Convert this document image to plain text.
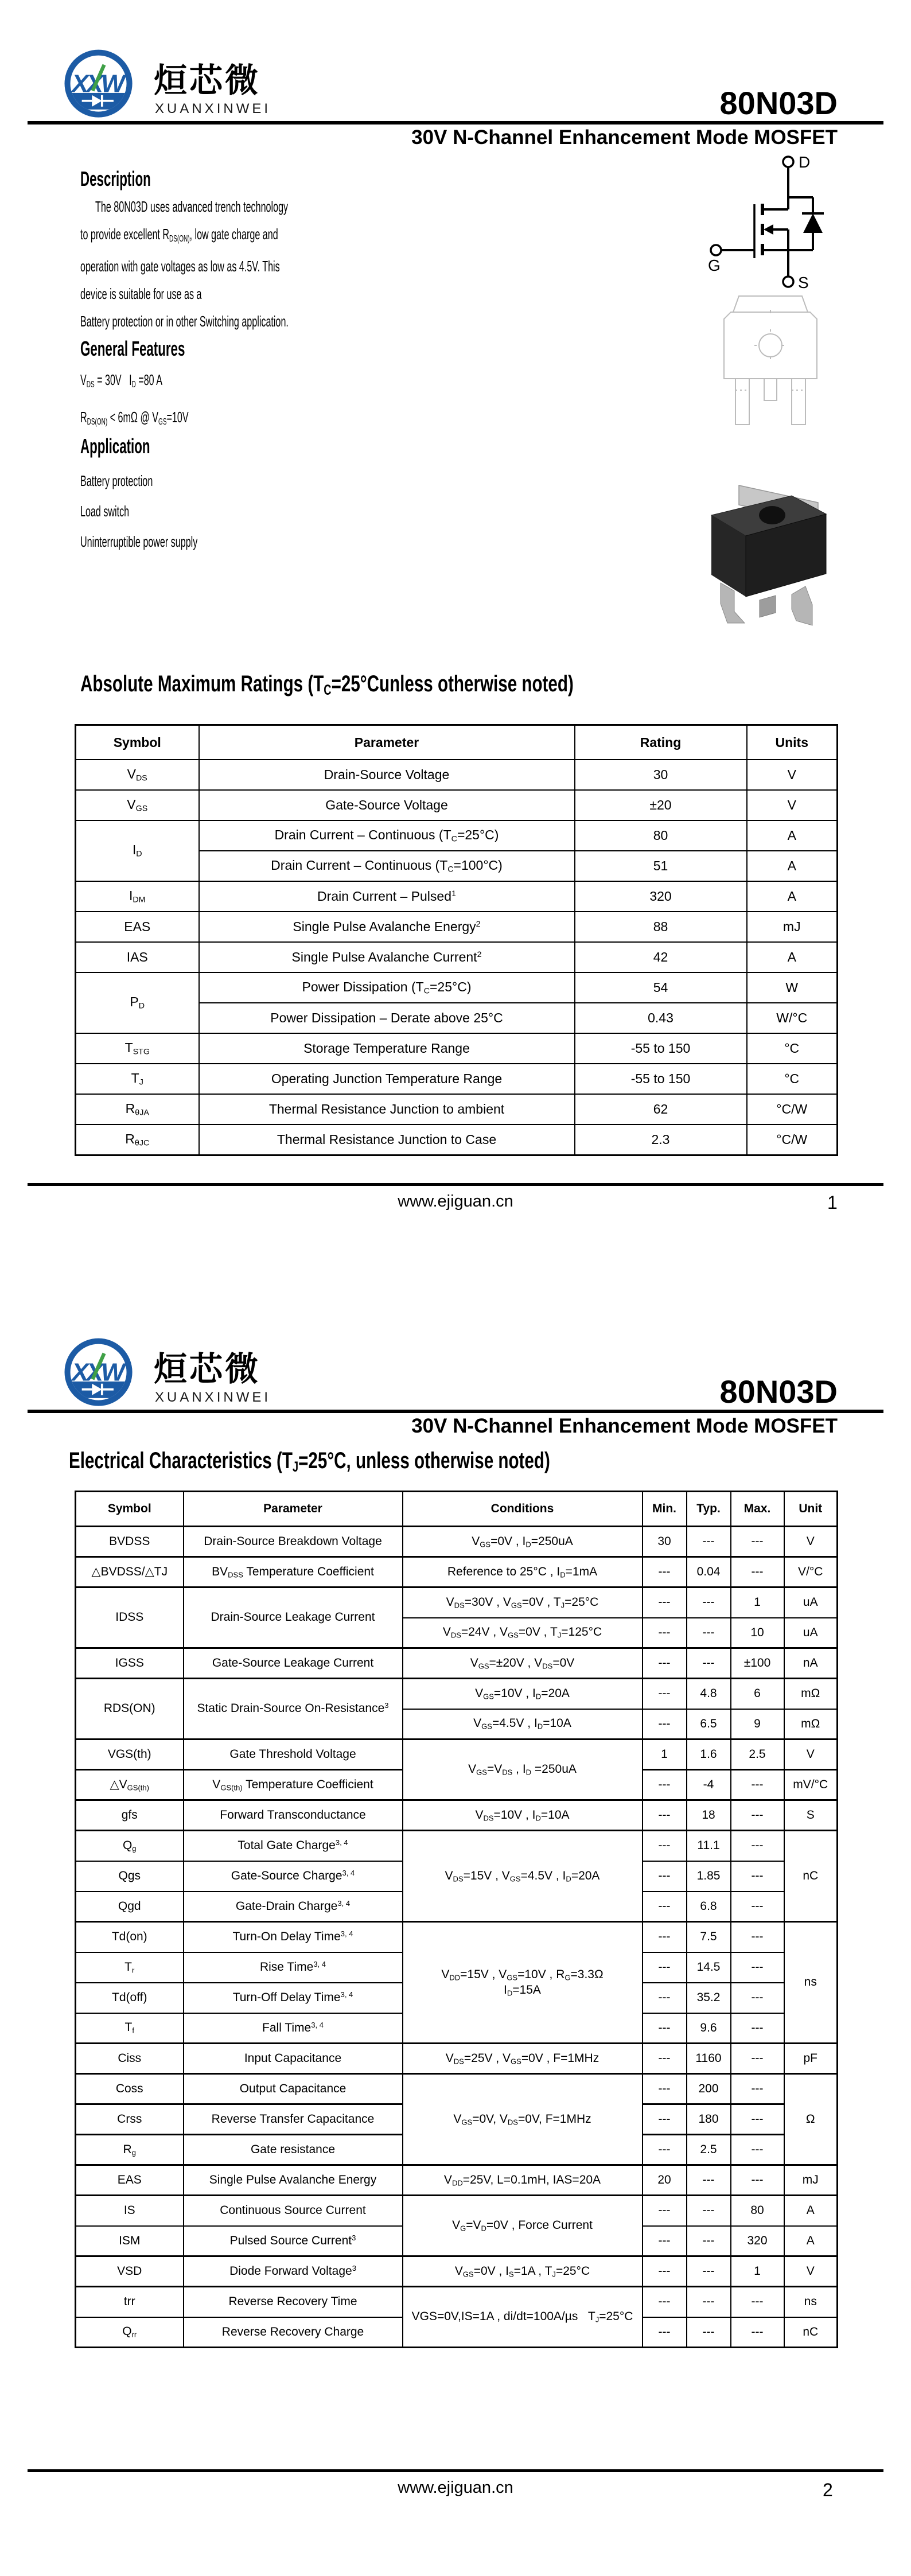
XXW 烜芯微
XUANXINWEI	80N03D
30V N-Channel Enhancement Mode MOSFET
D
S
G
Description
The 80N03D uses advanced trench technology
to provide excellent $R_{DS(ON)}$, low gate charge and
operation with gate voltages as low as 4.5V. This
device is suitable for use as a
Battery protection or in other Switching application.
General Features
$V_{DS} = 30V$   $I_D =80$ A
$R_{DS(ON)} < 6m\Omega$ @ $V_{GS}=10V$
Application
Battery protection
Load switch
Uninterruptible power supply
Absolute Maximum Ratings ($T_C=25^\circ Cunless$ otherwise noted)
Symbol	Parameter	Rating	Units
$V_{DS}$	Drain-Source Voltage	30	V
$V_{GS}$	Gate-Source Voltage	±20	V
$I_D$	Drain Current – Continuous $(T_C=25^\circ C)$	80	A
	Drain Current – Continuous $(T_C=100^\circ C)$	51	A
$I_{DM}$	Drain Current – Pulsed$^1$	320	A
EAS	Single Pulse Avalanche Energy$^2$	88	mJ
IAS	Single Pulse Avalanche Current$^2$	42	A
$P_D$	Power Dissipation $(T_C=25^\circ C)$	54	W
	Power Dissipation – Derate above 25°C	0.43	W/°C
$T_{STG}$	Storage Temperature Range	-55 to 150	°C
$T_J$	Operating Junction Temperature Range	-55 to 150	°C
$R_{\theta JA}$	Thermal Resistance Junction to ambient	62	°C/W
$R_{\theta JC}$	Thermal Resistance Junction to Case	2.3	°C/W
www.ejiguan.cn	1
XXW 烜芯微
XUANXINWEI	80N03D
30V N-Channel Enhancement Mode MOSFET
Electrical Characteristics ($T_J=25^\circ C$, unless otherwise noted)
Symbol	Parameter	Conditions	Min.	Typ.	Max.	Unit
BVDSS	Drain-Source Breakdown Voltage	$V_{GS}=0V$ , $I_D=250uA$	30	---	---	V
△BVDSS/△TJ	$BV_{DSS}$ Temperature Coefficient	Reference to 25°C , $I_D=1mA$	---	0.04	---	V/°C
IDSS	Drain-Source Leakage Current	$V_{DS}=30V$ , $V_{GS}=0V$ , $T_J=25^\circ C$	---	---	1	uA
		$V_{DS}=24V$ , $V_{GS}=0V$ , $T_J=125^\circ C$	---	---	10	uA
IGSS	Gate-Source Leakage Current	$V_{GS}=\pm 20V$ , $V_{DS}=0V$	---	---	±100	nA
RDS(ON)	Static Drain-Source On-Resistance$^3$	$V_{GS}=10V$ , $I_D=20A$	---	4.8	6	mΩ
		$V_{GS}=4.5V$ , $I_D=10A$	---	6.5	9	mΩ
VGS(th)	Gate Threshold Voltage	$V_{GS}=V_{DS}$ , $I_D =250uA$	1	1.6	2.5	V
$\triangle V_{GS(th)}$	$V_{GS(th)}$ Temperature Coefficient		---	-4	---	mV/°C
gfs	Forward Transconductance	$V_{DS}=10V$ , $I_D=10A$	---	18	---	S
$Q_g$	Total Gate Charge$^{3, 4}$	$V_{DS}=15V$ , $V_{GS}=4.5V$ , $I_D=20A$	---	11.1	---	nC
Qgs	Gate-Source Charge$^{3, 4}$		---	1.85	---	
Qgd	Gate-Drain Charge$^{3, 4}$		---	6.8	---	
Td(on)	Turn-On Delay Time$^{3, 4}$	$V_{DD}=15V$ , $V_{GS}=10V$ , $R_G=3.3\Omega$
$I_D=15A$	---	7.5	---	ns
$T_r$	Rise Time$^{3, 4}$		---	14.5	---	
Td(off)	Turn-Off Delay Time$^{3, 4}$		---	35.2	---	
$T_f$	Fall Time$^{3, 4}$		---	9.6	---	
Ciss	Input Capacitance	$V_{DS}=25V$ , $V_{GS}=0V$ , F=1MHz	---	1160	---	pF
Coss	Output Capacitance	$V_{GS}=0V$, $V_{DS}=0V$, F=1MHz	---	200	---	Ω
Crss	Reverse Transfer Capacitance		---	180	---	
$R_g$	Gate resistance		---	2.5	---	
EAS	Single Pulse Avalanche Energy	$V_{DD}=25V$, L=0.1mH, IAS=20A	20	---	---	mJ
IS	Continuous Source Current	$V_G=V_D=0V$ , Force Current	---	---	80	A
ISM	Pulsed Source Current$^3$		---	---	320	A
VSD	Diode Forward Voltage$^3$	$V_{GS}=0V$ , $I_S=1A$ , $T_J=25^\circ C$	---	---	1	V
trr	Reverse Recovery Time	VGS=0V,IS=1A , di/dt=100A/µs   $T_J=25^\circ C$	---	---	---	ns
$Q_{rr}$	Reverse Recovery Charge		---	---	---	nC
www.ejiguan.cn	2
